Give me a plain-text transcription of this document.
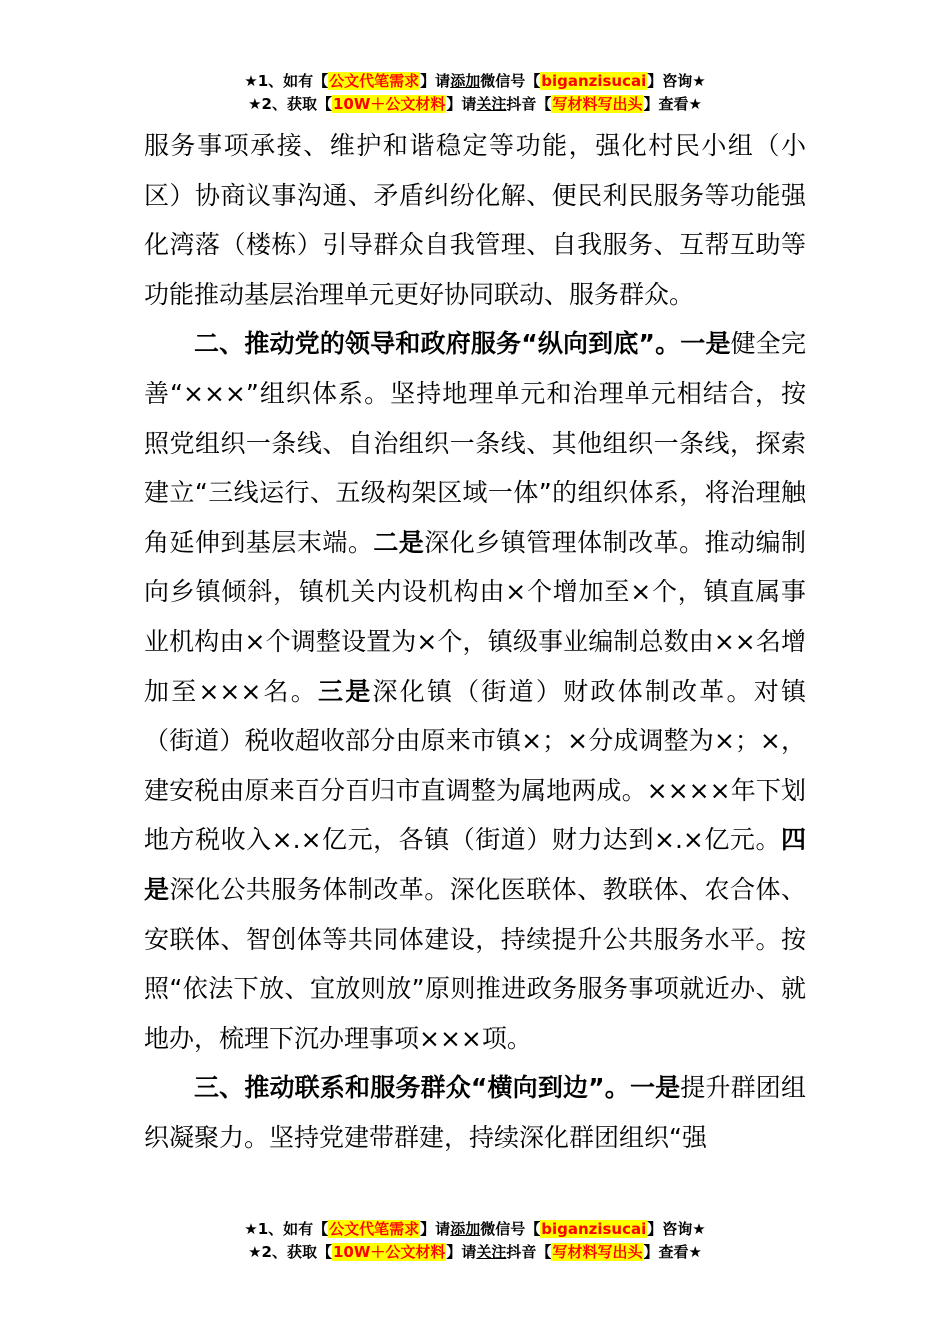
★1、如有【公文代笔需求】请添加微信号【biganzisucai】咨询★
★2、获取【10W＋公文材料】请关注抖音【写材料写出头】查看★

服务事项承接、维护和谐稳定等功能，强化村民小组（小区）协商议事沟通、矛盾纠纷化解、便民利民服务等功能强化湾落（楼栋）引导群众自我管理、自我服务、互帮互助等功能推动基层治理单元更好协同联动、服务群众。

二、推动党的领导和政府服务“纵向到底”。一是健全完善“×××”组织体系。坚持地理单元和治理单元相结合，按照党组织一条线、自治组织一条线、其他组织一条线，探索建立“三线运行、五级构架区域一体”的组织体系，将治理触角延伸到基层末端。二是深化乡镇管理体制改革。推动编制向乡镇倾斜，镇机关内设机构由×个增加至×个，镇直属事业机构由×个调整设置为×个，镇级事业编制总数由××名增加至×××名。三是深化镇（街道）财政体制改革。对镇（街道）税收超收部分由原来市镇×；×分成调整为×；×，建安税由原来百分百归市直调整为属地两成。××××年下划地方税收入×.×亿元，各镇（街道）财力达到×.×亿元。四是深化公共服务体制改革。深化医联体、教联体、农合体、安联体、智创体等共同体建设，持续提升公共服务水平。按照“依法下放、宜放则放”原则推进政务服务事项就近办、就地办，梳理下沉办理事项×××项。

三、推动联系和服务群众“横向到边”。一是提升群团组织凝聚力。坚持党建带群建，持续深化群团组织“强

★1、如有【公文代笔需求】请添加微信号【biganzisucai】咨询★
★2、获取【10W＋公文材料】请关注抖音【写材料写出头】查看★
